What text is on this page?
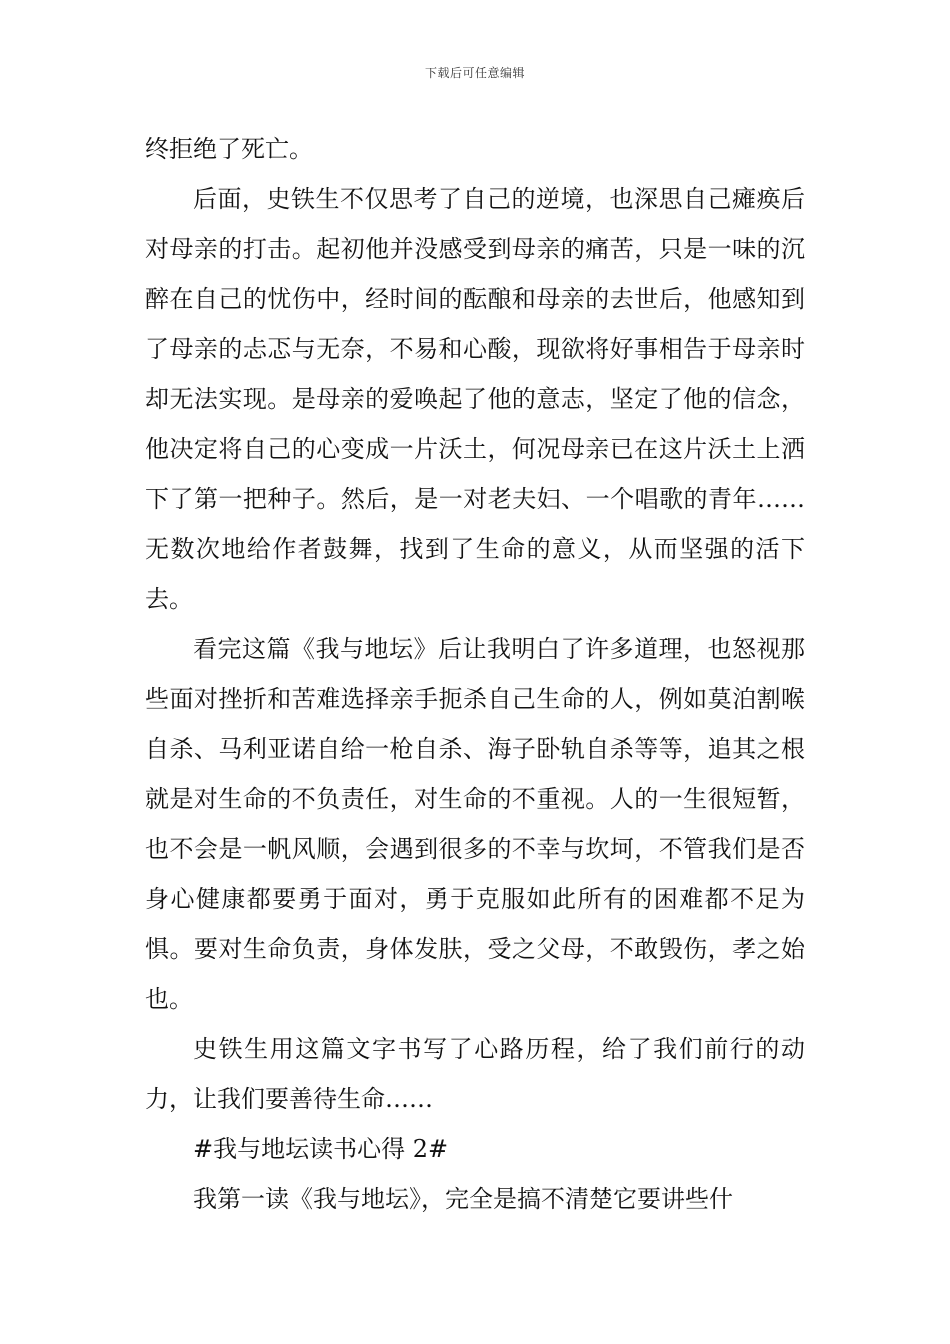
下载后可任意编辑

终拒绝了死亡。

后面，史铁生不仅思考了自己的逆境，也深思自己瘫痪后对母亲的打击。起初他并没感受到母亲的痛苦，只是一味的沉醉在自己的忧伤中，经时间的酝酿和母亲的去世后，他感知到了母亲的忐忑与无奈，不易和心酸，现欲将好事相告于母亲时却无法实现。是母亲的爱唤起了他的意志，坚定了他的信念，他决定将自己的心变成一片沃土，何况母亲已在这片沃土上洒下了第一把种子。然后，是一对老夫妇、一个唱歌的青年……无数次地给作者鼓舞，找到了生命的意义，从而坚强的活下去。

看完这篇《我与地坛》后让我明白了许多道理，也怒视那些面对挫折和苦难选择亲手扼杀自己生命的人，例如莫泊割喉自杀、马利亚诺自给一枪自杀、海子卧轨自杀等等，追其之根就是对生命的不负责任，对生命的不重视。人的一生很短暂，也不会是一帆风顺，会遇到很多的不幸与坎坷，不管我们是否身心健康都要勇于面对，勇于克服如此所有的困难都不足为惧。要对生命负责，身体发肤，受之父母，不敢毁伤，孝之始也。

史铁生用这篇文字书写了心路历程，给了我们前行的动力，让我们要善待生命……

#我与地坛读书心得 2#

我第一读《我与地坛》，完全是搞不清楚它要讲些什
